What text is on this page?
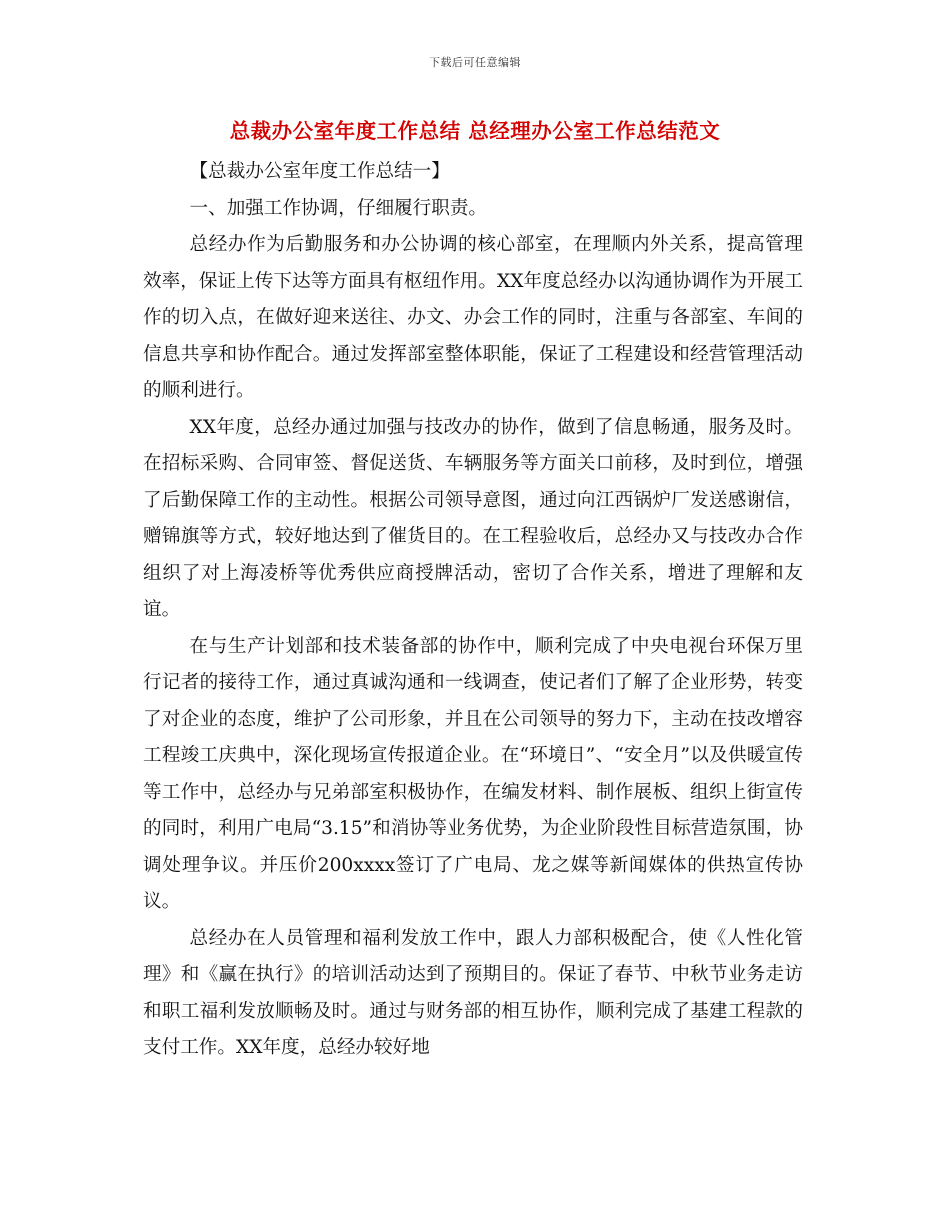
下载后可任意编辑
总裁办公室年度工作总结 总经理办公室工作总结范文

【总裁办公室年度工作总结一】

一、加强工作协调，仔细履行职责。

总经办作为后勤服务和办公协调的核心部室，在理顺内外关系，提高管理效率，保证上传下达等方面具有枢纽作用。XX年度总经办以沟通协调作为开展工作的切入点，在做好迎来送往、办文、办会工作的同时，注重与各部室、车间的信息共享和协作配合。通过发挥部室整体职能，保证了工程建设和经营管理活动的顺利进行。

XX年度，总经办通过加强与技改办的协作，做到了信息畅通，服务及时。在招标采购、合同审签、督促送货、车辆服务等方面关口前移，及时到位，增强了后勤保障工作的主动性。根据公司领导意图，通过向江西锅炉厂发送感谢信，赠锦旗等方式，较好地达到了催货目的。在工程验收后，总经办又与技改办合作组织了对上海凌桥等优秀供应商授牌活动，密切了合作关系，增进了理解和友谊。

在与生产计划部和技术装备部的协作中，顺利完成了中央电视台环保万里行记者的接待工作，通过真诚沟通和一线调查，使记者们了解了企业形势，转变了对企业的态度，维护了公司形象，并且在公司领导的努力下，主动在技改增容工程竣工庆典中，深化现场宣传报道企业。在“环境日”、“安全月”以及供暖宣传等工作中，总经办与兄弟部室积极协作，在编发材料、制作展板、组织上街宣传的同时，利用广电局“3.15”和消协等业务优势，为企业阶段性目标营造氛围，协调处理争议。并压价200xxxx签订了广电局、龙之媒等新闻媒体的供热宣传协议。

总经办在人员管理和福利发放工作中，跟人力部积极配合，使《人性化管理》和《赢在执行》的培训活动达到了预期目的。保证了春节、中秋节业务走访和职工福利发放顺畅及时。通过与财务部的相互协作，顺利完成了基建工程款的支付工作。XX年度，总经办较好地
